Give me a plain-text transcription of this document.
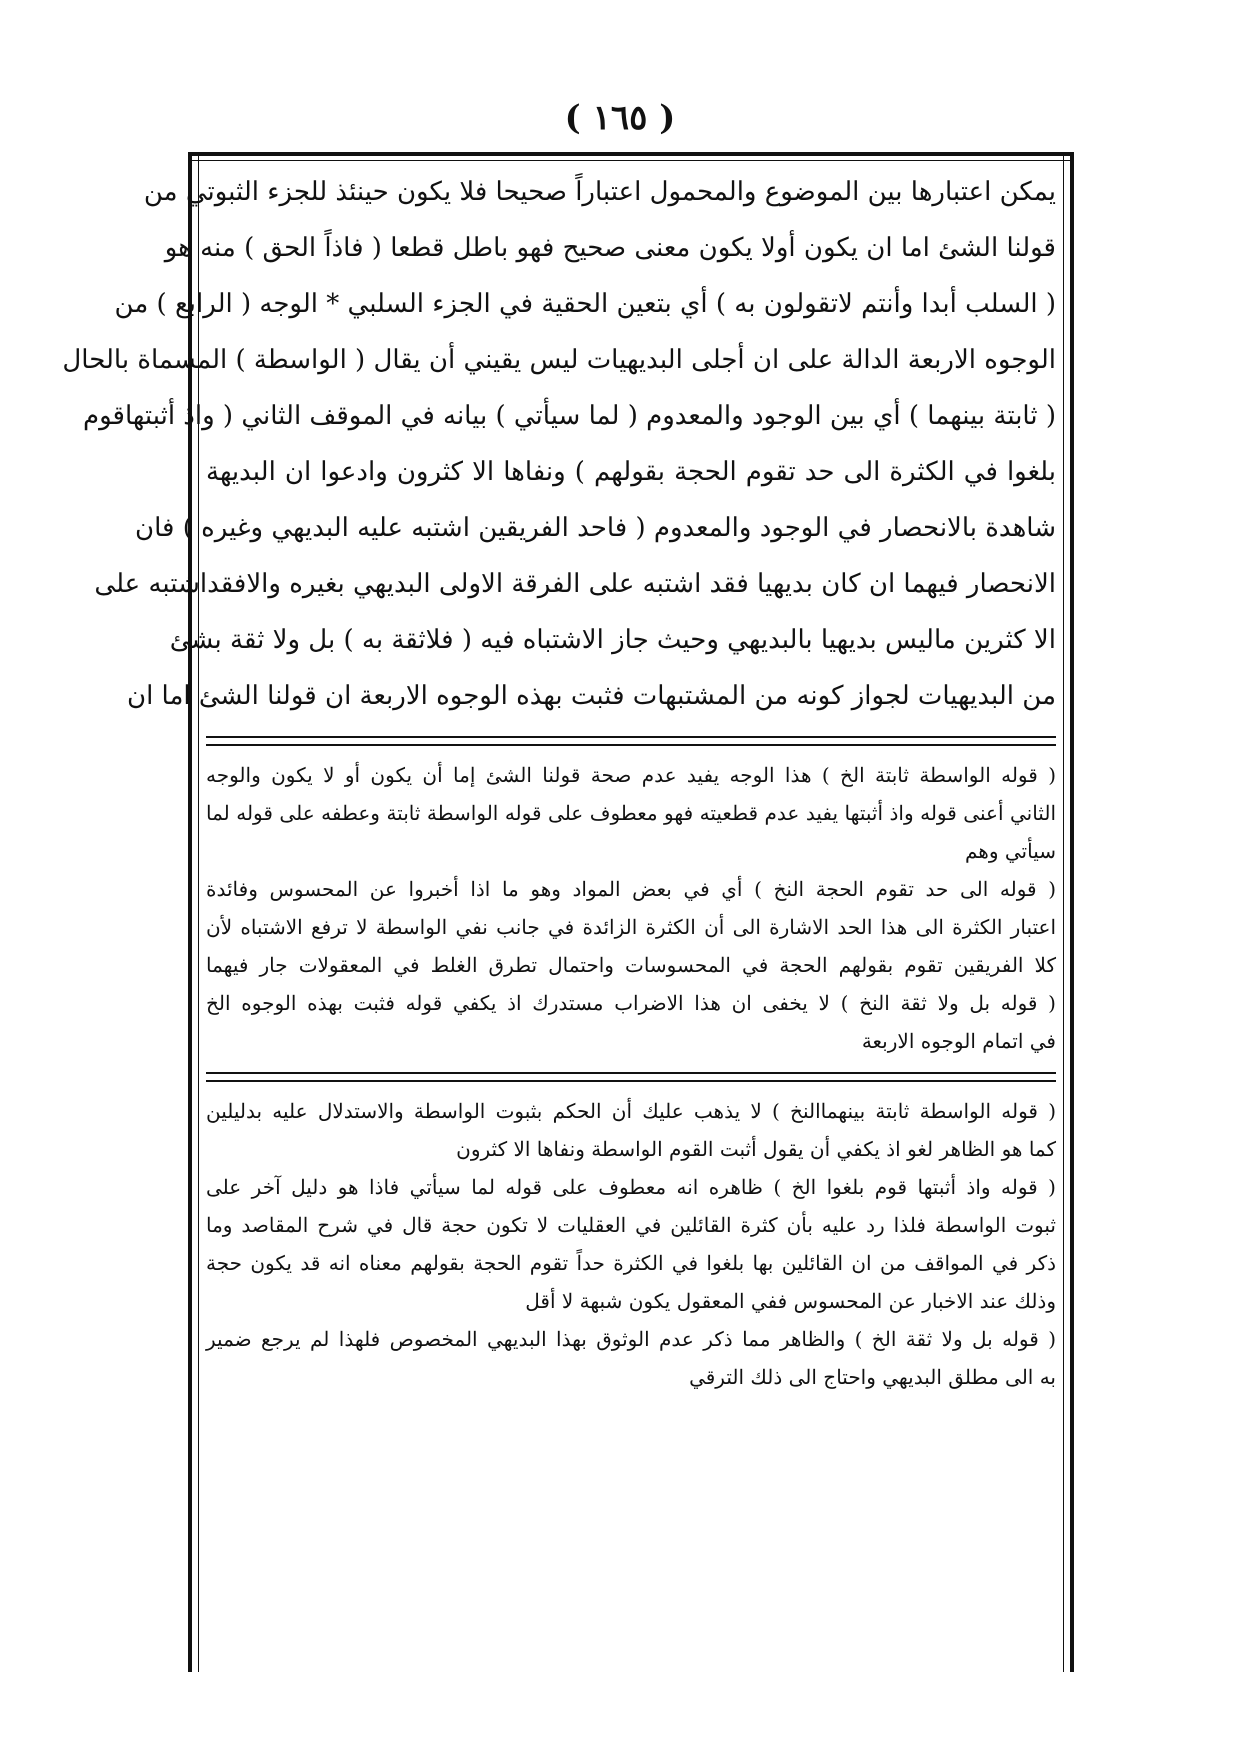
( ١٦٥ )
يمكن اعتبارها بين الموضوع والمحمول اعتباراً صحيحا فلا يكون حينئذ للجزء الثبوتي من
قولنا الشئ اما ان يكون أولا يكون معنى صحيح فهو باطل قطعا ( فاذاً الحق ) منه هو
( السلب أبدا وأنتم لاتقولون به ) أي بتعين الحقية في الجزء السلبي * الوجه ( الرابع ) من
الوجوه الاربعة الدالة على ان أجلى البديهيات ليس يقيني أن يقال ( الواسطة ) المسماة بالحال
( ثابتة بينهما ) أي بين الوجود والمعدوم ( لما سيأتي ) بيانه في الموقف الثاني ( واذ أثبتهاقوم
بلغوا في الكثرة الى حد تقوم الحجة بقولهم ) ونفاها الا كثرون وادعوا ان البديهة
شاهدة بالانحصار في الوجود والمعدوم ( فاحد الفريقين اشتبه عليه البديهي وغيره ) فان
الانحصار فيهما ان كان بديهيا فقد اشتبه على الفرقة الاولى البديهي بغيره والافقداشتبه على
الا كثرين ماليس بديهيا بالبديهي وحيث جاز الاشتباه فيه ( فلاثقة به ) بل ولا ثقة بشئ
من البديهيات لجواز كونه من المشتبهات فثبت بهذه الوجوه الاربعة ان قولنا الشئ اما ان
( قوله الواسطة ثابتة الخ ) هذا الوجه يفيد عدم صحة قولنا الشئ إما أن يكون أو لا يكون والوجه
الثاني أعنى قوله واذ أثبتها يفيد عدم قطعيته فهو معطوف على قوله الواسطة ثابتة وعطفه على قوله لما
سيأتي وهم
( قوله الى حد تقوم الحجة النخ ) أي في بعض المواد وهو ما اذا أخبروا عن المحسوس وفائدة
اعتبار الكثرة الى هذا الحد الاشارة الى أن الكثرة الزائدة في جانب نفي الواسطة لا ترفع الاشتباه لأن
كلا الفريقين تقوم بقولهم الحجة في المحسوسات واحتمال تطرق الغلط في المعقولات جار فيهما
( قوله بل ولا ثقة النخ ) لا يخفى ان هذا الاضراب مستدرك اذ يكفي قوله فثبت بهذه الوجوه الخ
في اتمام الوجوه الاربعة
( قوله الواسطة ثابتة بينهماالنخ ) لا يذهب عليك أن الحكم بثبوت الواسطة والاستدلال عليه بدليلين
كما هو الظاهر لغو اذ يكفي أن يقول أثبت القوم الواسطة ونفاها الا كثرون
( قوله واذ أثبتها قوم بلغوا الخ ) ظاهره انه معطوف على قوله لما سيأتي فاذا هو دليل آخر على
ثبوت الواسطة فلذا رد عليه بأن كثرة القائلين في العقليات لا تكون حجة قال في شرح المقاصد وما
ذكر في المواقف من ان القائلين بها بلغوا في الكثرة حداً تقوم الحجة بقولهم معناه انه قد يكون حجة
وذلك عند الاخبار عن المحسوس ففي المعقول يكون شبهة لا أقل
( قوله بل ولا ثقة الخ ) والظاهر مما ذكر عدم الوثوق بهذا البديهي المخصوص فلهذا لم يرجع ضمير
به الى مطلق البديهي واحتاج الى ذلك الترقي
